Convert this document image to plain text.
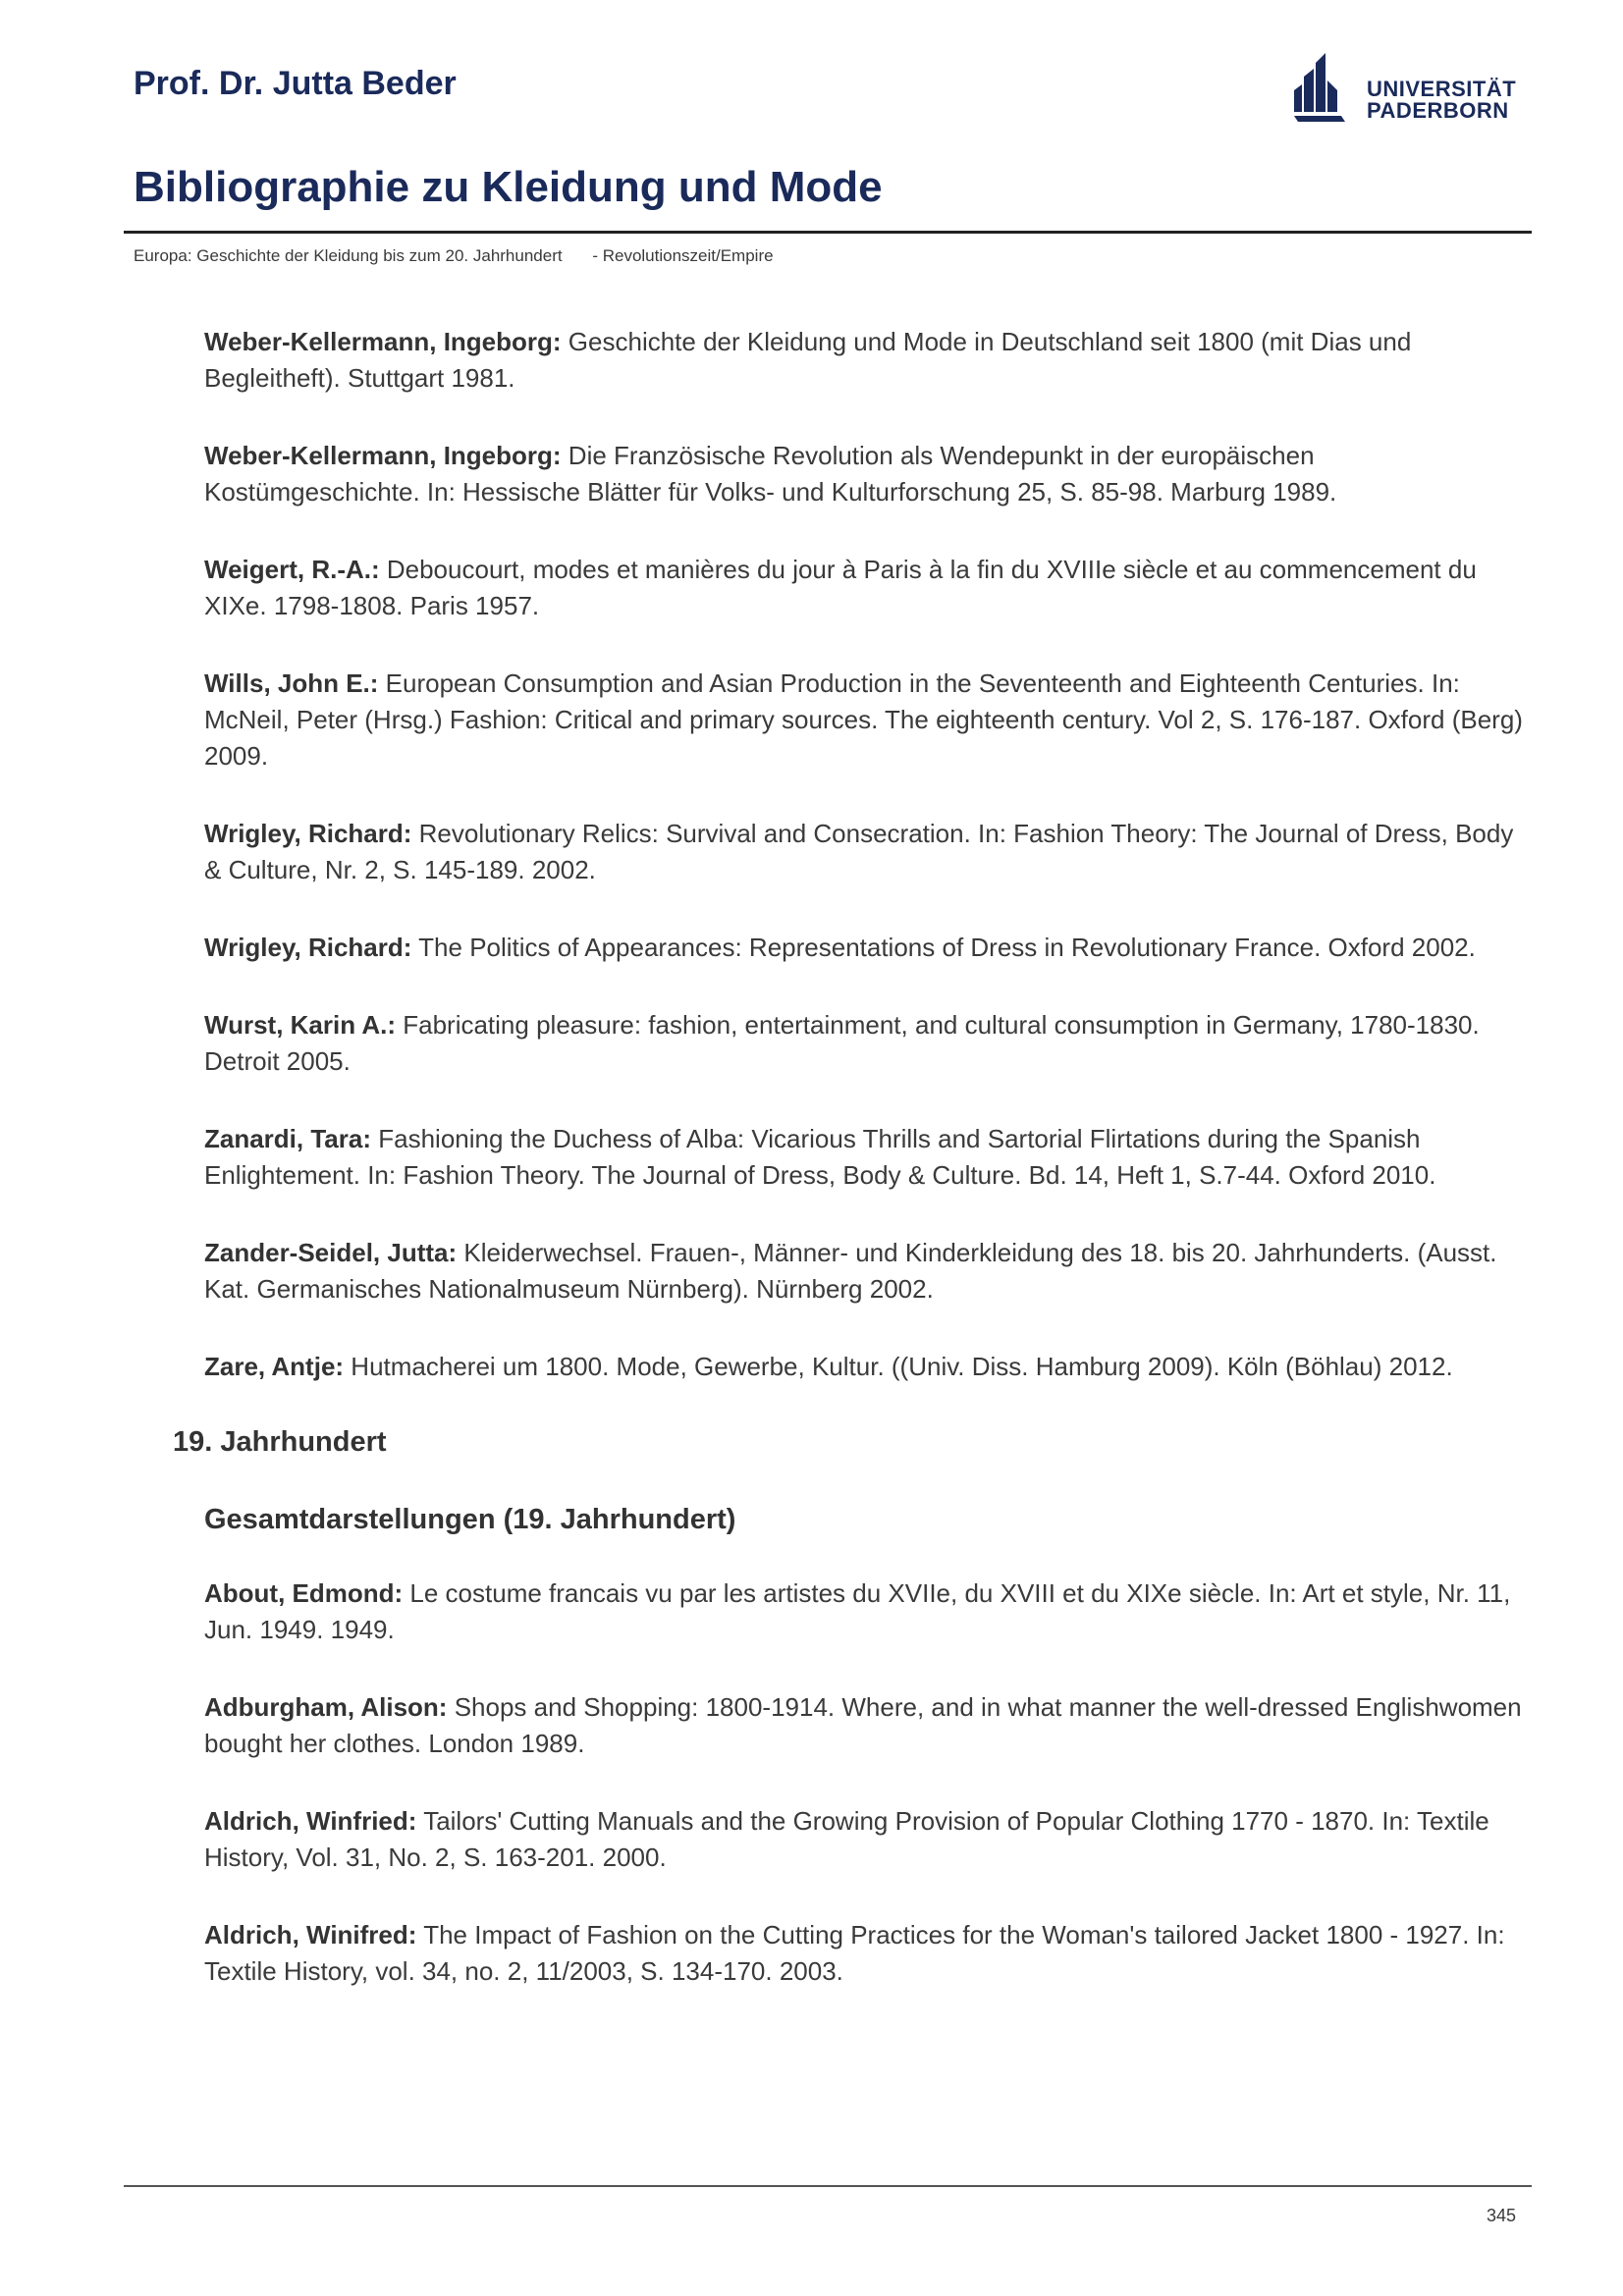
Prof. Dr. Jutta Beder	UNIVERSITÄT
PADERBORN
Bibliographie zu Kleidung und Mode
Europa: Geschichte der Kleidung bis zum 20. Jahrhundert - Revolutionszeit/Empire
Weber-Kellermann, Ingeborg: Geschichte der Kleidung und Mode in Deutschland seit 1800 (mit Dias und Begleitheft). Stuttgart 1981.
Weber-Kellermann, Ingeborg: Die Französische Revolution als Wendepunkt in der europäischen Kostümgeschichte. In: Hessische Blätter für Volks- und Kulturforschung 25, S. 85-98. Marburg 1989.
Weigert, R.-A.: Deboucourt, modes et manières du jour à Paris à la fin du XVIIIe siècle et au commencement du XIXe. 1798-1808. Paris 1957.
Wills, John E.: European Consumption and Asian Production in the Seventeenth and Eighteenth Centuries. In: McNeil, Peter (Hrsg.) Fashion: Critical and primary sources. The eighteenth century. Vol 2, S. 176-187. Oxford (Berg) 2009.
Wrigley, Richard: Revolutionary Relics: Survival and Consecration. In: Fashion Theory: The Journal of Dress, Body & Culture, Nr. 2, S. 145-189. 2002.
Wrigley, Richard: The Politics of Appearances: Representations of Dress in Revolutionary France. Oxford 2002.
Wurst, Karin A.: Fabricating pleasure: fashion, entertainment, and cultural consumption in Germany, 1780-1830. Detroit 2005.
Zanardi, Tara: Fashioning the Duchess of Alba: Vicarious Thrills and Sartorial Flirtations during the Spanish Enlightement. In: Fashion Theory. The Journal of Dress, Body & Culture. Bd. 14, Heft 1, S.7-44. Oxford 2010.
Zander-Seidel, Jutta: Kleiderwechsel. Frauen-, Männer- und Kinderkleidung des 18. bis 20. Jahrhunderts. (Ausst. Kat. Germanisches Nationalmuseum Nürnberg). Nürnberg 2002.
Zare, Antje: Hutmacherei um 1800. Mode, Gewerbe, Kultur. ((Univ. Diss. Hamburg 2009). Köln (Böhlau) 2012.
19. Jahrhundert
Gesamtdarstellungen (19. Jahrhundert)
About, Edmond: Le costume francais vu par les artistes du XVIIe, du XVIII et du XIXe siècle. In: Art et style, Nr. 11, Jun. 1949. 1949.
Adburgham, Alison: Shops and Shopping: 1800-1914. Where, and in what manner the well-dressed Englishwomen bought her clothes. London 1989.
Aldrich, Winfried: Tailors' Cutting Manuals and the Growing Provision of Popular Clothing 1770 - 1870. In: Textile History, Vol. 31, No. 2, S. 163-201. 2000.
Aldrich, Winifred: The Impact of Fashion on the Cutting Practices for the Woman's tailored Jacket 1800 - 1927. In: Textile History, vol. 34, no. 2, 11/2003, S. 134-170. 2003.
345
